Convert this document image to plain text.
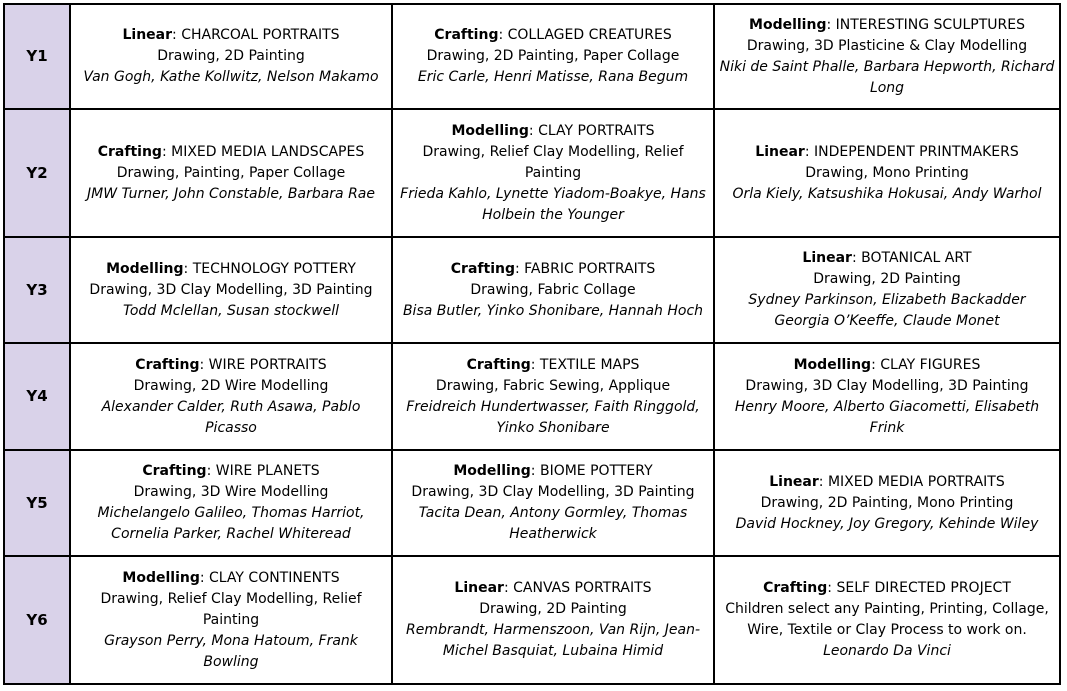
Y1	Linear: CHARCOAL PORTRAITS
Drawing, 2D Painting
Van Gogh, Kathe Kollwitz, Nelson Makamo	Crafting: COLLAGED CREATURES
Drawing, 2D Painting, Paper Collage
Eric Carle, Henri Matisse, Rana Begum	Modelling: INTERESTING SCULPTURES
Drawing, 3D Plasticine & Clay Modelling
Niki de Saint Phalle, Barbara Hepworth, Richard Long

Y2	Crafting: MIXED MEDIA LANDSCAPES
Drawing, Painting, Paper Collage
JMW Turner, John Constable, Barbara Rae	Modelling: CLAY PORTRAITS
Drawing, Relief Clay Modelling, Relief Painting
Frieda Kahlo, Lynette Yiadom-Boakye, Hans Holbein the Younger	Linear: INDEPENDENT PRINTMAKERS
Drawing, Mono Printing
Orla Kiely, Katsushika Hokusai, Andy Warhol

Y3	Modelling: TECHNOLOGY POTTERY
Drawing, 3D Clay Modelling, 3D Painting
Todd Mclellan, Susan stockwell	Crafting: FABRIC PORTRAITS
Drawing, Fabric Collage
Bisa Butler, Yinko Shonibare, Hannah Hoch	Linear: BOTANICAL ART
Drawing, 2D Painting
Sydney Parkinson, Elizabeth Backadder Georgia O’Keeffe, Claude Monet

Y4	Crafting: WIRE PORTRAITS
Drawing, 2D Wire Modelling
Alexander Calder, Ruth Asawa, Pablo Picasso	Crafting: TEXTILE MAPS
Drawing, Fabric Sewing, Applique
Freidreich Hundertwasser, Faith Ringgold, Yinko Shonibare	Modelling: CLAY FIGURES
Drawing, 3D Clay Modelling, 3D Painting
Henry Moore, Alberto Giacometti, Elisabeth Frink

Y5	Crafting: WIRE PLANETS
Drawing, 3D Wire Modelling
Michelangelo Galileo, Thomas Harriot, Cornelia Parker, Rachel Whiteread	Modelling: BIOME POTTERY
Drawing, 3D Clay Modelling, 3D Painting
Tacita Dean, Antony Gormley, Thomas Heatherwick	Linear: MIXED MEDIA PORTRAITS
Drawing, 2D Painting, Mono Printing
David Hockney, Joy Gregory, Kehinde Wiley

Y6	Modelling: CLAY CONTINENTS
Drawing, Relief Clay Modelling, Relief Painting
Grayson Perry, Mona Hatoum, Frank Bowling	Linear: CANVAS PORTRAITS
Drawing, 2D Painting
Rembrandt, Harmenszoon, Van Rijn, Jean-Michel Basquiat, Lubaina Himid	Crafting: SELF DIRECTED PROJECT
Children select any Painting, Printing, Collage, Wire, Textile or Clay Process to work on.
Leonardo Da Vinci
